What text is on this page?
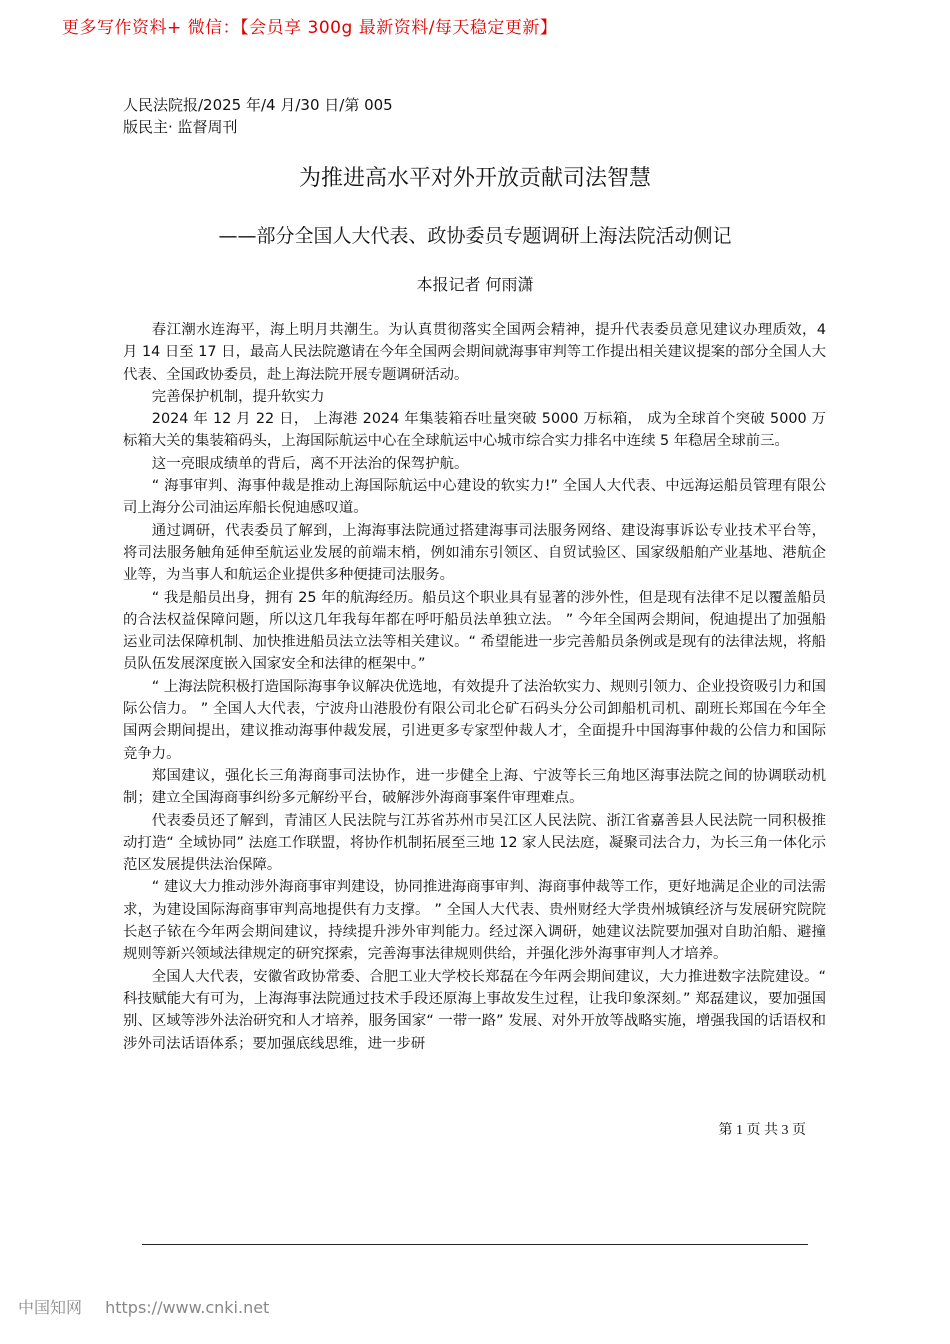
更多写作资料+ 微信：【会员享 300g 最新资料/每天稳定更新】
人民法院报/2025 年/4 月/30 日/第 005
版民主· 监督周刊
为推进高水平对外开放贡献司法智慧
——部分全国人大代表、政协委员专题调研上海法院活动侧记
本报记者 何雨潇

春江潮水连海平，海上明月共潮生。为认真贯彻落实全国两会精神，提升代表委员意见建议办理质效，4 月 14 日至 17 日，最高人民法院邀请在今年全国两会期间就海事审判等工作提出相关建议提案的部分全国人大代表、全国政协委员，赴上海法院开展专题调研活动。

完善保护机制，提升软实力

2024 年 12 月 22 日， 上海港 2024 年集装箱吞吐量突破 5000 万标箱， 成为全球首个突破 5000 万标箱大关的集装箱码头，上海国际航运中心在全球航运中心城市综合实力排名中连续 5 年稳居全球前三。

这一亮眼成绩单的背后，离不开法治的保驾护航。

“ 海事审判、海事仲裁是推动上海国际航运中心建设的软实力!” 全国人大代表、中远海运船员管理有限公司上海分公司油运库船长倪迪感叹道。

通过调研，代表委员了解到，上海海事法院通过搭建海事司法服务网络、建设海事诉讼专业技术平台等，将司法服务触角延伸至航运业发展的前端末梢，例如浦东引领区、自贸试验区、国家级船舶产业基地、港航企业等，为当事人和航运企业提供多种便捷司法服务。

“ 我是船员出身，拥有 25 年的航海经历。船员这个职业具有显著的涉外性，但是现有法律不足以覆盖船员的合法权益保障问题，所以这几年我每年都在呼吁船员法单独立法。 ” 今年全国两会期间，倪迪提出了加强船运业司法保障机制、加快推进船员法立法等相关建议。“ 希望能进一步完善船员条例或是现有的法律法规，将船员队伍发展深度嵌入国家安全和法律的框架中。”

“ 上海法院积极打造国际海事争议解决优选地，有效提升了法治软实力、规则引领力、企业投资吸引力和国际公信力。 ” 全国人大代表，宁波舟山港股份有限公司北仑矿石码头分公司卸船机司机、副班长郑国在今年全国两会期间提出，建议推动海事仲裁发展，引进更多专家型仲裁人才，全面提升中国海事仲裁的公信力和国际竞争力。

郑国建议，强化长三角海商事司法协作，进一步健全上海、宁波等长三角地区海事法院之间的协调联动机制；建立全国海商事纠纷多元解纷平台，破解涉外海商事案件审理难点。

代表委员还了解到，青浦区人民法院与江苏省苏州市吴江区人民法院、浙江省嘉善县人民法院一同积极推动打造“ 全域协同” 法庭工作联盟，将协作机制拓展至三地 12 家人民法庭，凝聚司法合力，为长三角一体化示范区发展提供法治保障。

“ 建议大力推动涉外海商事审判建设，协同推进海商事审判、海商事仲裁等工作，更好地满足企业的司法需求，为建设国际海商事审判高地提供有力支撑。 ” 全国人大代表、贵州财经大学贵州城镇经济与发展研究院院长赵子铱在今年两会期间建议，持续提升涉外审判能力。经过深入调研，她建议法院要加强对自助泊船、避撞规则等新兴领域法律规定的研究探索，完善海事法律规则供给，并强化涉外海事审判人才培养。

全国人大代表，安徽省政协常委、合肥工业大学校长郑磊在今年两会期间建议，大力推进数字法院建设。“ 科技赋能大有可为，上海海事法院通过技术手段还原海上事故发生过程，让我印象深刻。” 郑磊建议，要加强国别、区域等涉外法治研究和人才培养，服务国家“ 一带一路” 发展、对外开放等战略实施，增强我国的话语权和涉外司法话语体系；要加强底线思维，进一步研

第 1 页 共 3 页
中国知网 https://www.cnki.net
